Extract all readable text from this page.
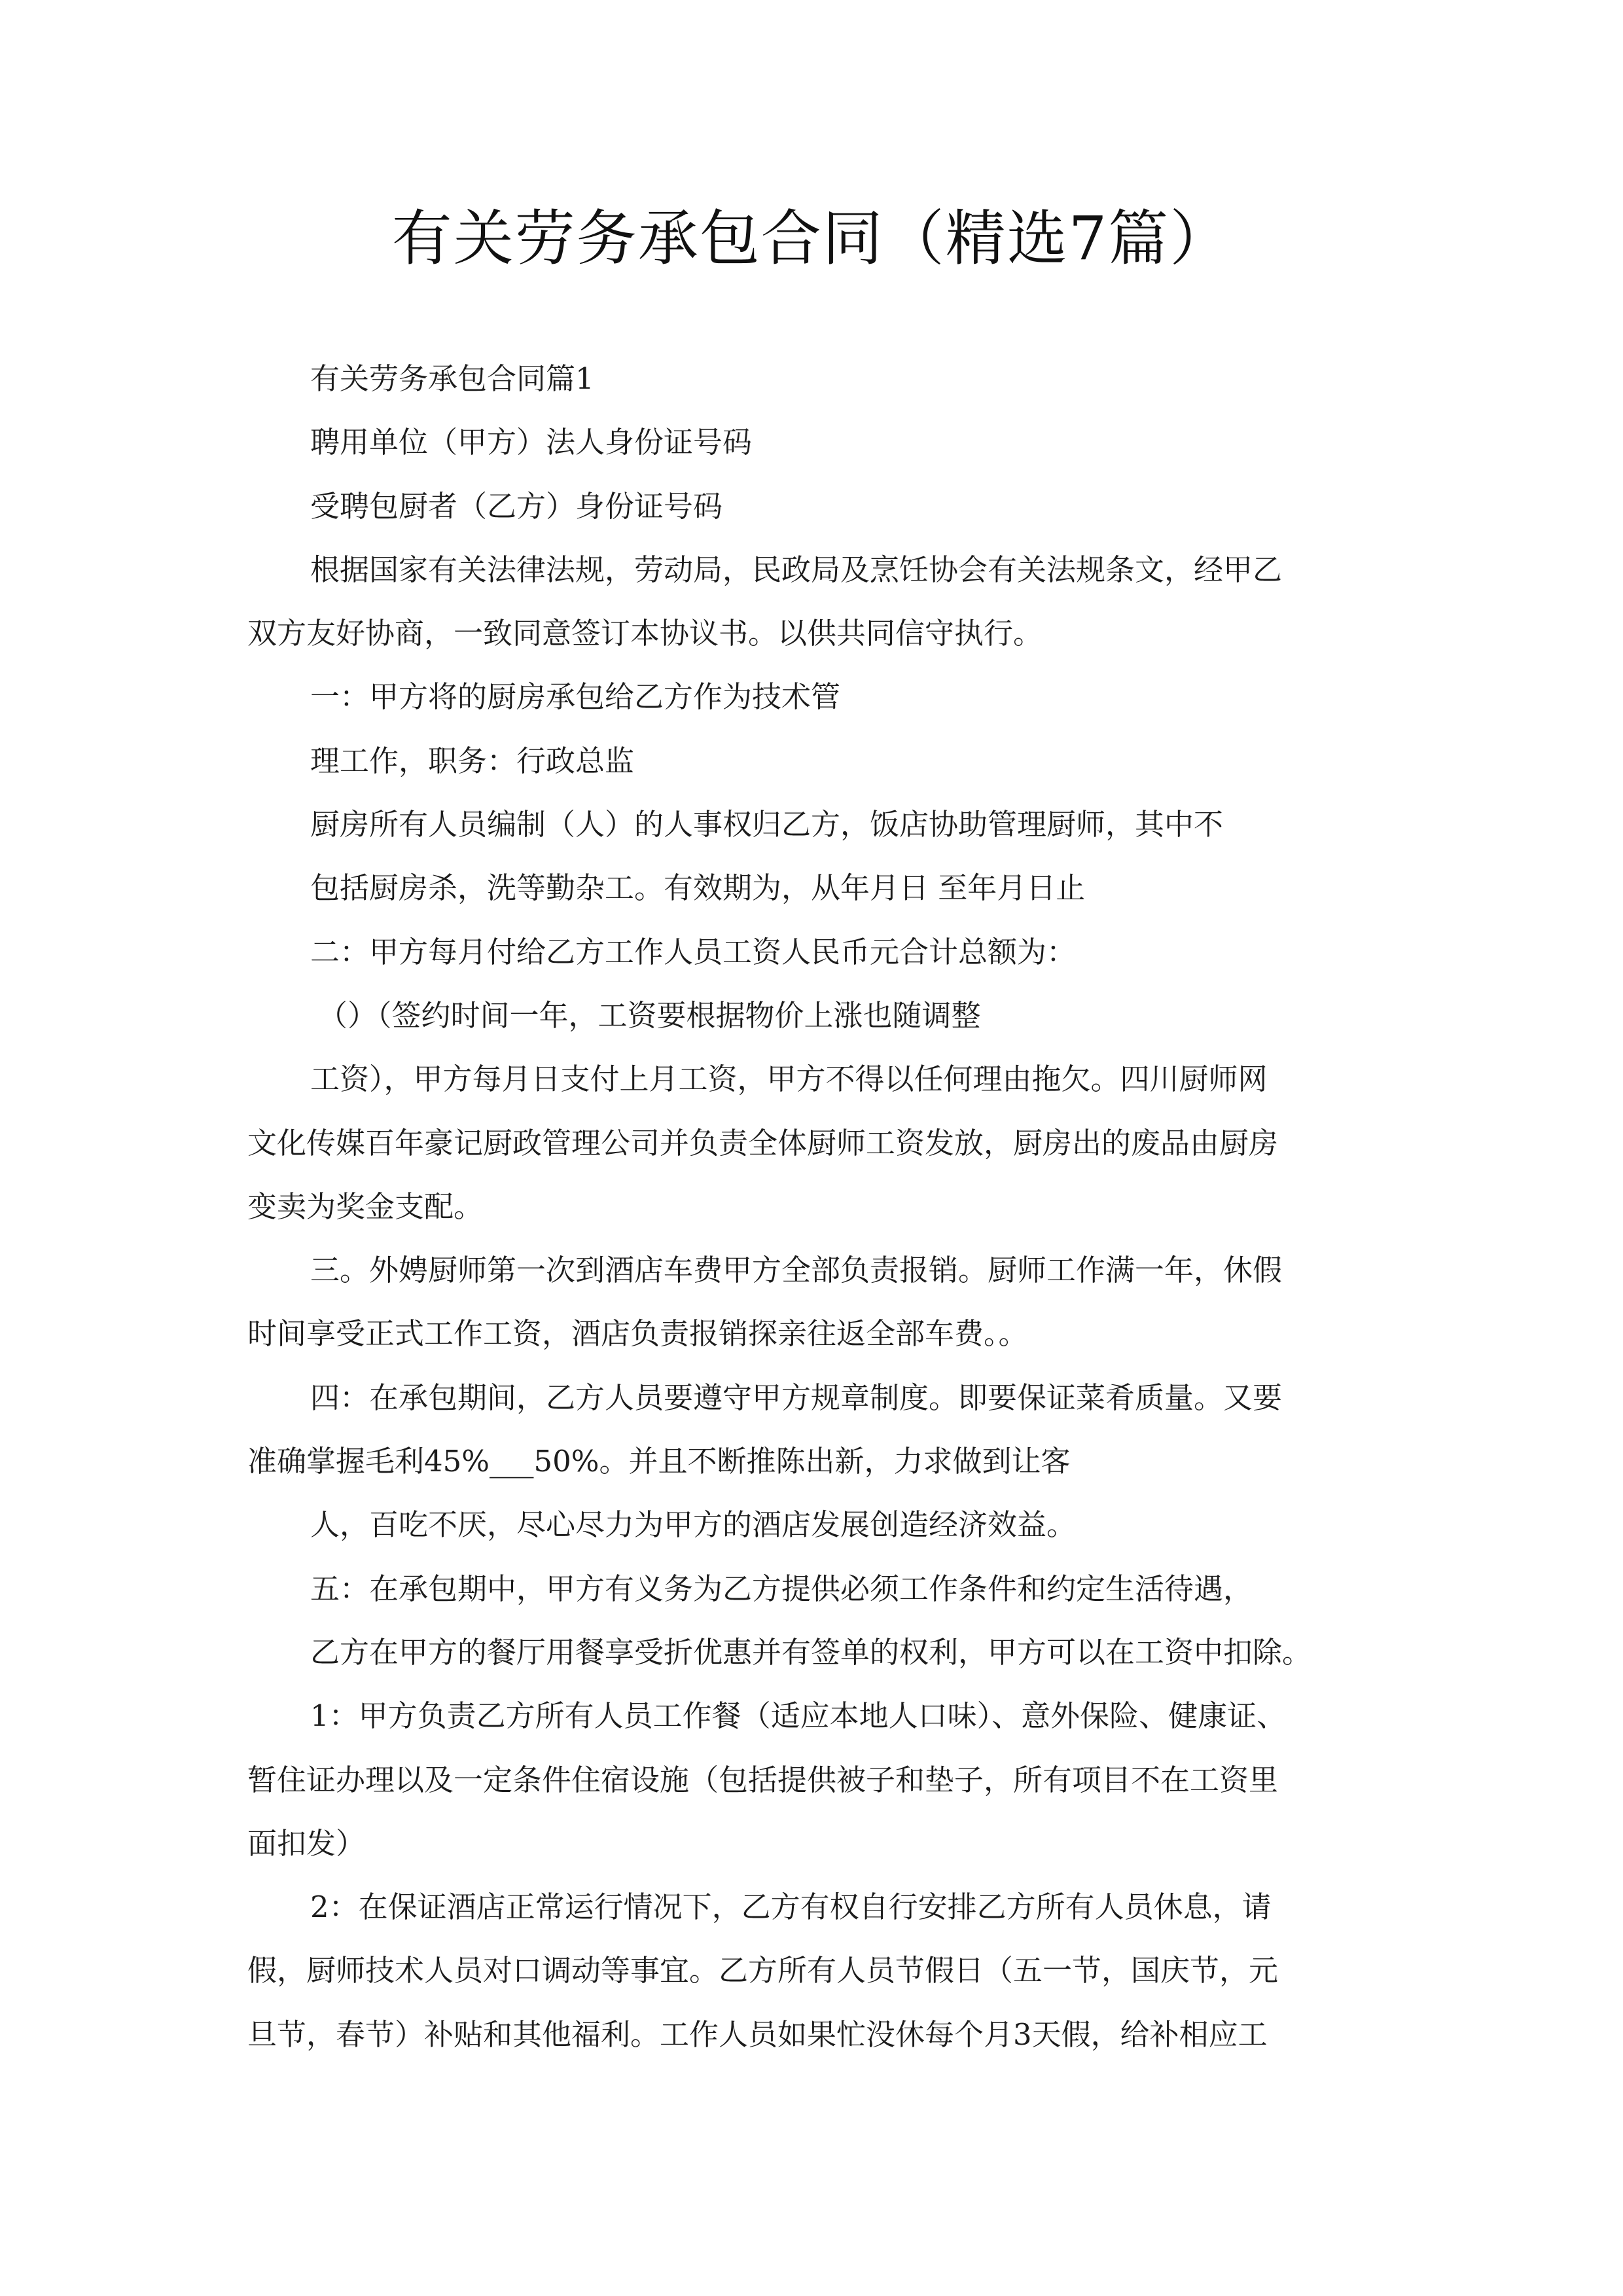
有关劳务承包合同（精选7篇）
有关劳务承包合同篇1
聘用单位（甲方）法人身份证号码
受聘包厨者（乙方）身份证号码
根据国家有关法律法规，劳动局，民政局及烹饪协会有关法规条文，经甲乙
双方友好协商，一致同意签订本协议书。以供共同信守执行。
一：甲方将的厨房承包给乙方作为技术管
理工作，职务：行政总监
厨房所有人员编制（人）的人事权归乙方，饭店协助管理厨师，其中不
包括厨房杀，洗等勤杂工。有效期为，从年月日 至年月日止
二：甲方每月付给乙方工作人员工资人民币元合计总额为：
（）（签约时间一年，工资要根据物价上涨也随调整
工资），甲方每月日支付上月工资，甲方不得以任何理由拖欠。四川厨师网
文化传媒百年豪记厨政管理公司并负责全体厨师工资发放，厨房出的废品由厨房
变卖为奖金支配。
三。外娉厨师第一次到酒店车费甲方全部负责报销。厨师工作满一年，休假
时间享受正式工作工资，酒店负责报销探亲往返全部车费。。
四：在承包期间，乙方人员要遵守甲方规章制度。即要保证菜肴质量。又要
准确掌握毛利45%___50%。并且不断推陈出新，力求做到让客
人，百吃不厌，尽心尽力为甲方的酒店发展创造经济效益。
五：在承包期中，甲方有义务为乙方提供必须工作条件和约定生活待遇，
乙方在甲方的餐厅用餐享受折优惠并有签单的权利，甲方可以在工资中扣除。
1：甲方负责乙方所有人员工作餐（适应本地人口味）、意外保险、健康证、
暂住证办理以及一定条件住宿设施（包括提供被子和垫子，所有项目不在工资里
面扣发）
2：在保证酒店正常运行情况下，乙方有权自行安排乙方所有人员休息，请
假，厨师技术人员对口调动等事宜。乙方所有人员节假日（五一节，国庆节，元
旦节，春节）补贴和其他福利。工作人员如果忙没休每个月3天假，给补相应工
